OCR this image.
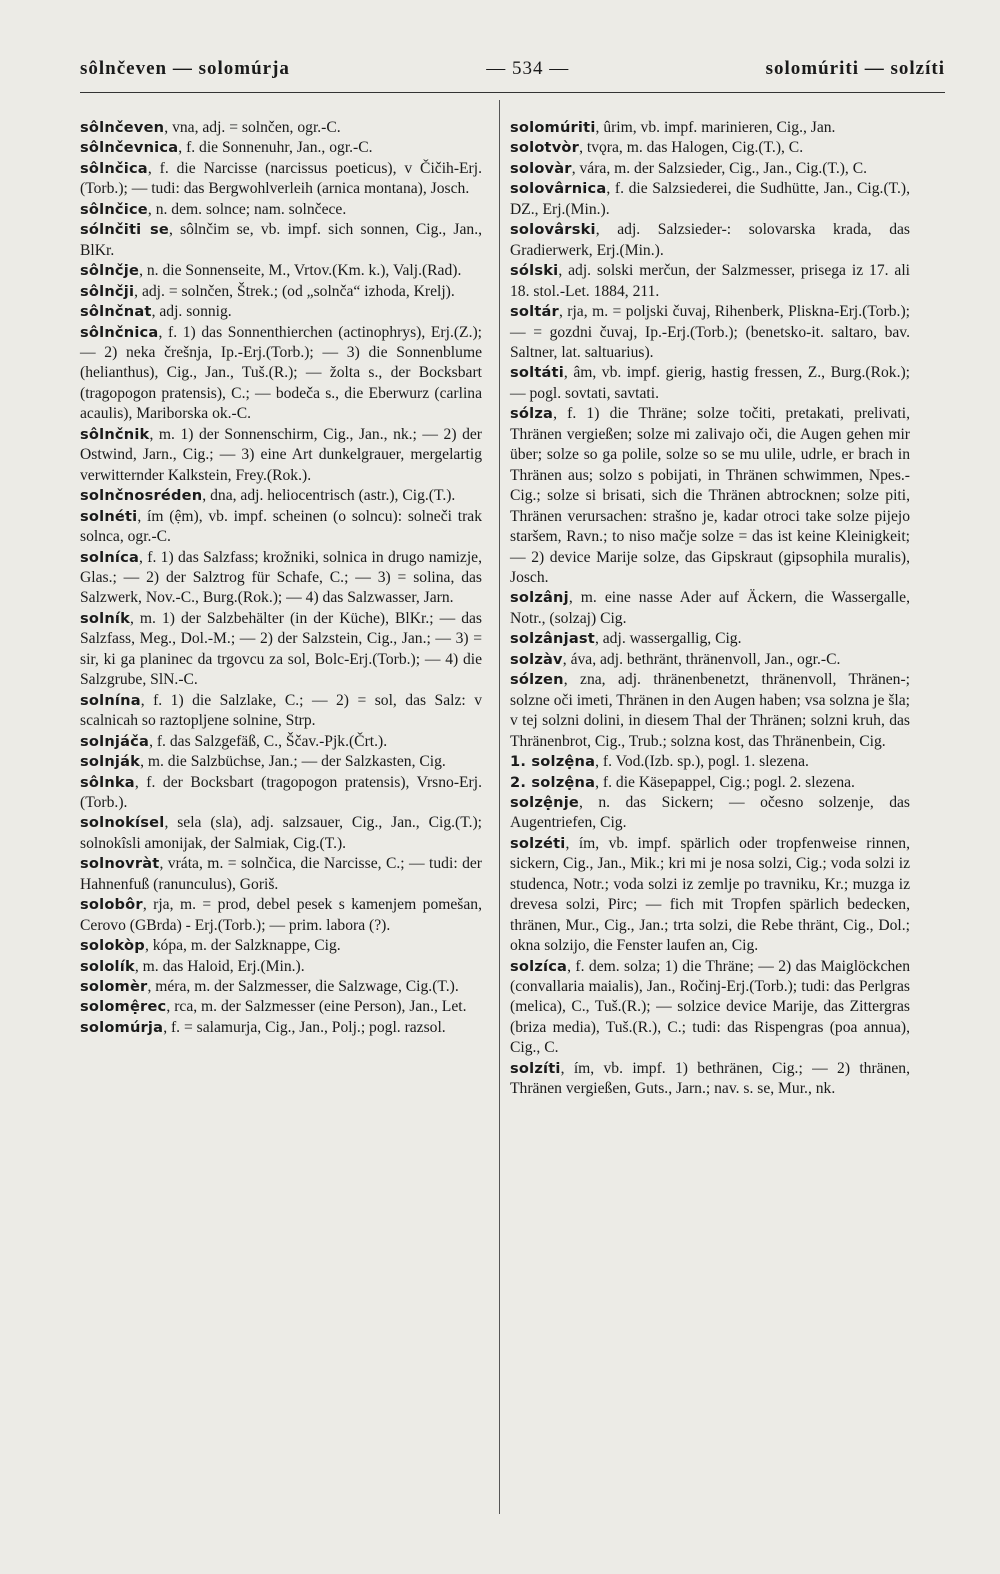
sôlnčeven — solomúrja	— 534 —	solomúriti — solzíti

sôlnčeven, vna, adj. = solnčen, ogr.-C.

sôlnčevnica, f. die Sonnenuhr, Jan., ogr.-C.

sôlnčica, f. die Narcisse (narcissus poeticus), v Čičih-Erj.(Torb.); — tudi: das Bergwohlverleih (arnica montana), Josch.

sôlnčice, n. dem. solnce; nam. solnčece.

sólnčiti se, sôlnčim se, vb. impf. sich sonnen, Cig., Jan., BlKr.

sôlnčje, n. die Sonnenseite, M., Vrtov.(Km. k.), Valj.(Rad).

sôlnčji, adj. = solnčen, Štrek.; (od „solnča“ izhoda, Krelj).

sôlnčnat, adj. sonnig.

sôlnčnica, f. 1) das Sonnenthierchen (actinophrys), Erj.(Z.); — 2) neka črešnja, Ip.-Erj.(Torb.); — 3) die Sonnenblume (helianthus), Cig., Jan., Tuš.(R.); — žolta s., der Bocksbart (tragopogon pratensis), C.; — bodeča s., die Eberwurz (carlina acaulis), Mariborska ok.-C.

sôlnčnik, m. 1) der Sonnenschirm, Cig., Jan., nk.; — 2) der Ostwind, Jarn., Cig.; — 3) eine Art dunkelgrauer, mergelartig verwitternder Kalkstein, Frey.(Rok.).

solnčnosréden, dna, adj. heliocentrisch (astr.), Cig.(T.).

solnéti, ím (ệm), vb. impf. scheinen (o solncu): solneči trak solnca, ogr.-C.

solníca, f. 1) das Salzfass; krožniki, solnica in drugo namizje, Glas.; — 2) der Salztrog für Schafe, C.; — 3) = solina, das Salzwerk, Nov.-C., Burg.(Rok.); — 4) das Salzwasser, Jarn.

solník, m. 1) der Salzbehälter (in der Küche), BlKr.; — das Salzfass, Meg., Dol.-M.; — 2) der Salzstein, Cig., Jan.; — 3) = sir, ki ga planinec da trgovcu za sol, Bolc-Erj.(Torb.); — 4) die Salzgrube, SlN.-C.

solnína, f. 1) die Salzlake, C.; — 2) = sol, das Salz: v scalnicah so raztopljene solnine, Strp.

solnjáča, f. das Salzgefäß, C., Ščav.-Pjk.(Črt.).

solnják, m. die Salzbüchse, Jan.; — der Salzkasten, Cig.

sôlnka, f. der Bocksbart (tragopogon pratensis), Vrsno-Erj.(Torb.).

solnokísel, sela (sla), adj. salzsauer, Cig., Jan., Cig.(T.); solnokîsli amonijak, der Salmiak, Cig.(T.).

solnovràt, vráta, m. = solnčica, die Narcisse, C.; — tudi: der Hahnenfuß (ranunculus), Goriš.

solobôr, rja, m. = prod, debel pesek s kamenjem pomešan, Cerovo (GBrda) - Erj.(Torb.); — prim. labora (?).

solokòp, kópa, m. der Salzknappe, Cig.

sololík, m. das Haloid, Erj.(Min.).

solomèr, méra, m. der Salzmesser, die Salzwage, Cig.(T.).

solomệrec, rca, m. der Salzmesser (eine Person), Jan., Let.

solomúrja, f. = salamurja, Cig., Jan., Polj.; pogl. razsol.

solomúriti, ûrim, vb. impf. marinieren, Cig., Jan.

solotvòr, tvǫra, m. das Halogen, Cig.(T.), C.

solovàr, vára, m. der Salzsieder, Cig., Jan., Cig.(T.), C.

solovârnica, f. die Salzsiederei, die Sudhütte, Jan., Cig.(T.), DZ., Erj.(Min.).

solovârski, adj. Salzsieder-: solovarska krada, das Gradierwerk, Erj.(Min.).

sólski, adj. solski merčun, der Salzmesser, prisega iz 17. ali 18. stol.-Let. 1884, 211.

soltár, rja, m. = poljski čuvaj, Rihenberk, Pliskna-Erj.(Torb.); — = gozdni čuvaj, Ip.-Erj.(Torb.); (benetsko-it. saltaro, bav. Saltner, lat. saltuarius).

soltáti, âm, vb. impf. gierig, hastig fressen, Z., Burg.(Rok.); — pogl. sovtati, savtati.

sólza, f. 1) die Thräne; solze točiti, pretakati, prelivati, Thränen vergießen; solze mi zalivajo oči, die Augen gehen mir über; solze so ga polile, solze so se mu ulile, udrle, er brach in Thränen aus; solzo s pobijati, in Thränen schwimmen, Npes.-Cig.; solze si brisati, sich die Thränen abtrocknen; solze piti, Thränen verursachen: strašno je, kadar otroci take solze pijejo staršem, Ravn.; to niso mačje solze = das ist keine Kleinigkeit; — 2) device Marije solze, das Gipskraut (gipsophila muralis), Josch.

solzânj, m. eine nasse Ader auf Äckern, die Wassergalle, Notr., (solzaj) Cig.

solzânjast, adj. wassergallig, Cig.

solzàv, áva, adj. bethränt, thränenvoll, Jan., ogr.-C.

sólzen, zna, adj. thränenbenetzt, thränenvoll, Thränen-; solzne oči imeti, Thränen in den Augen haben; vsa solzna je šla; v tej solzni dolini, in diesem Thal der Thränen; solzni kruh, das Thränenbrot, Cig., Trub.; solzna kost, das Thränenbein, Cig.

1. solzệna, f. Vod.(Izb. sp.), pogl. 1. slezena.

2. solzệna, f. die Käsepappel, Cig.; pogl. 2. slezena.

solzệnje, n. das Sickern; — očesno solzenje, das Augentriefen, Cig.

solzéti, ím, vb. impf. spärlich oder tropfenweise rinnen, sickern, Cig., Jan., Mik.; kri mi je nosa solzi, Cig.; voda solzi iz studenca, Notr.; voda solzi iz zemlje po travniku, Kr.; muzga iz drevesa solzi, Pirc; — fich mit Tropfen spärlich bedecken, thränen, Mur., Cig., Jan.; trta solzi, die Rebe thränt, Cig., Dol.; okna solzijo, die Fenster laufen an, Cig.

solzíca, f. dem. solza; 1) die Thräne; — 2) das Maiglöckchen (convallaria maialis), Jan., Ročinj-Erj.(Torb.); tudi: das Perlgras (melica), C., Tuš.(R.); — solzice device Marije, das Zittergras (briza media), Tuš.(R.), C.; tudi: das Rispengras (poa annua), Cig., C.

solzíti, ím, vb. impf. 1) bethränen, Cig.; — 2) thränen, Thränen vergießen, Guts., Jarn.; nav. s. se, Mur., nk.
